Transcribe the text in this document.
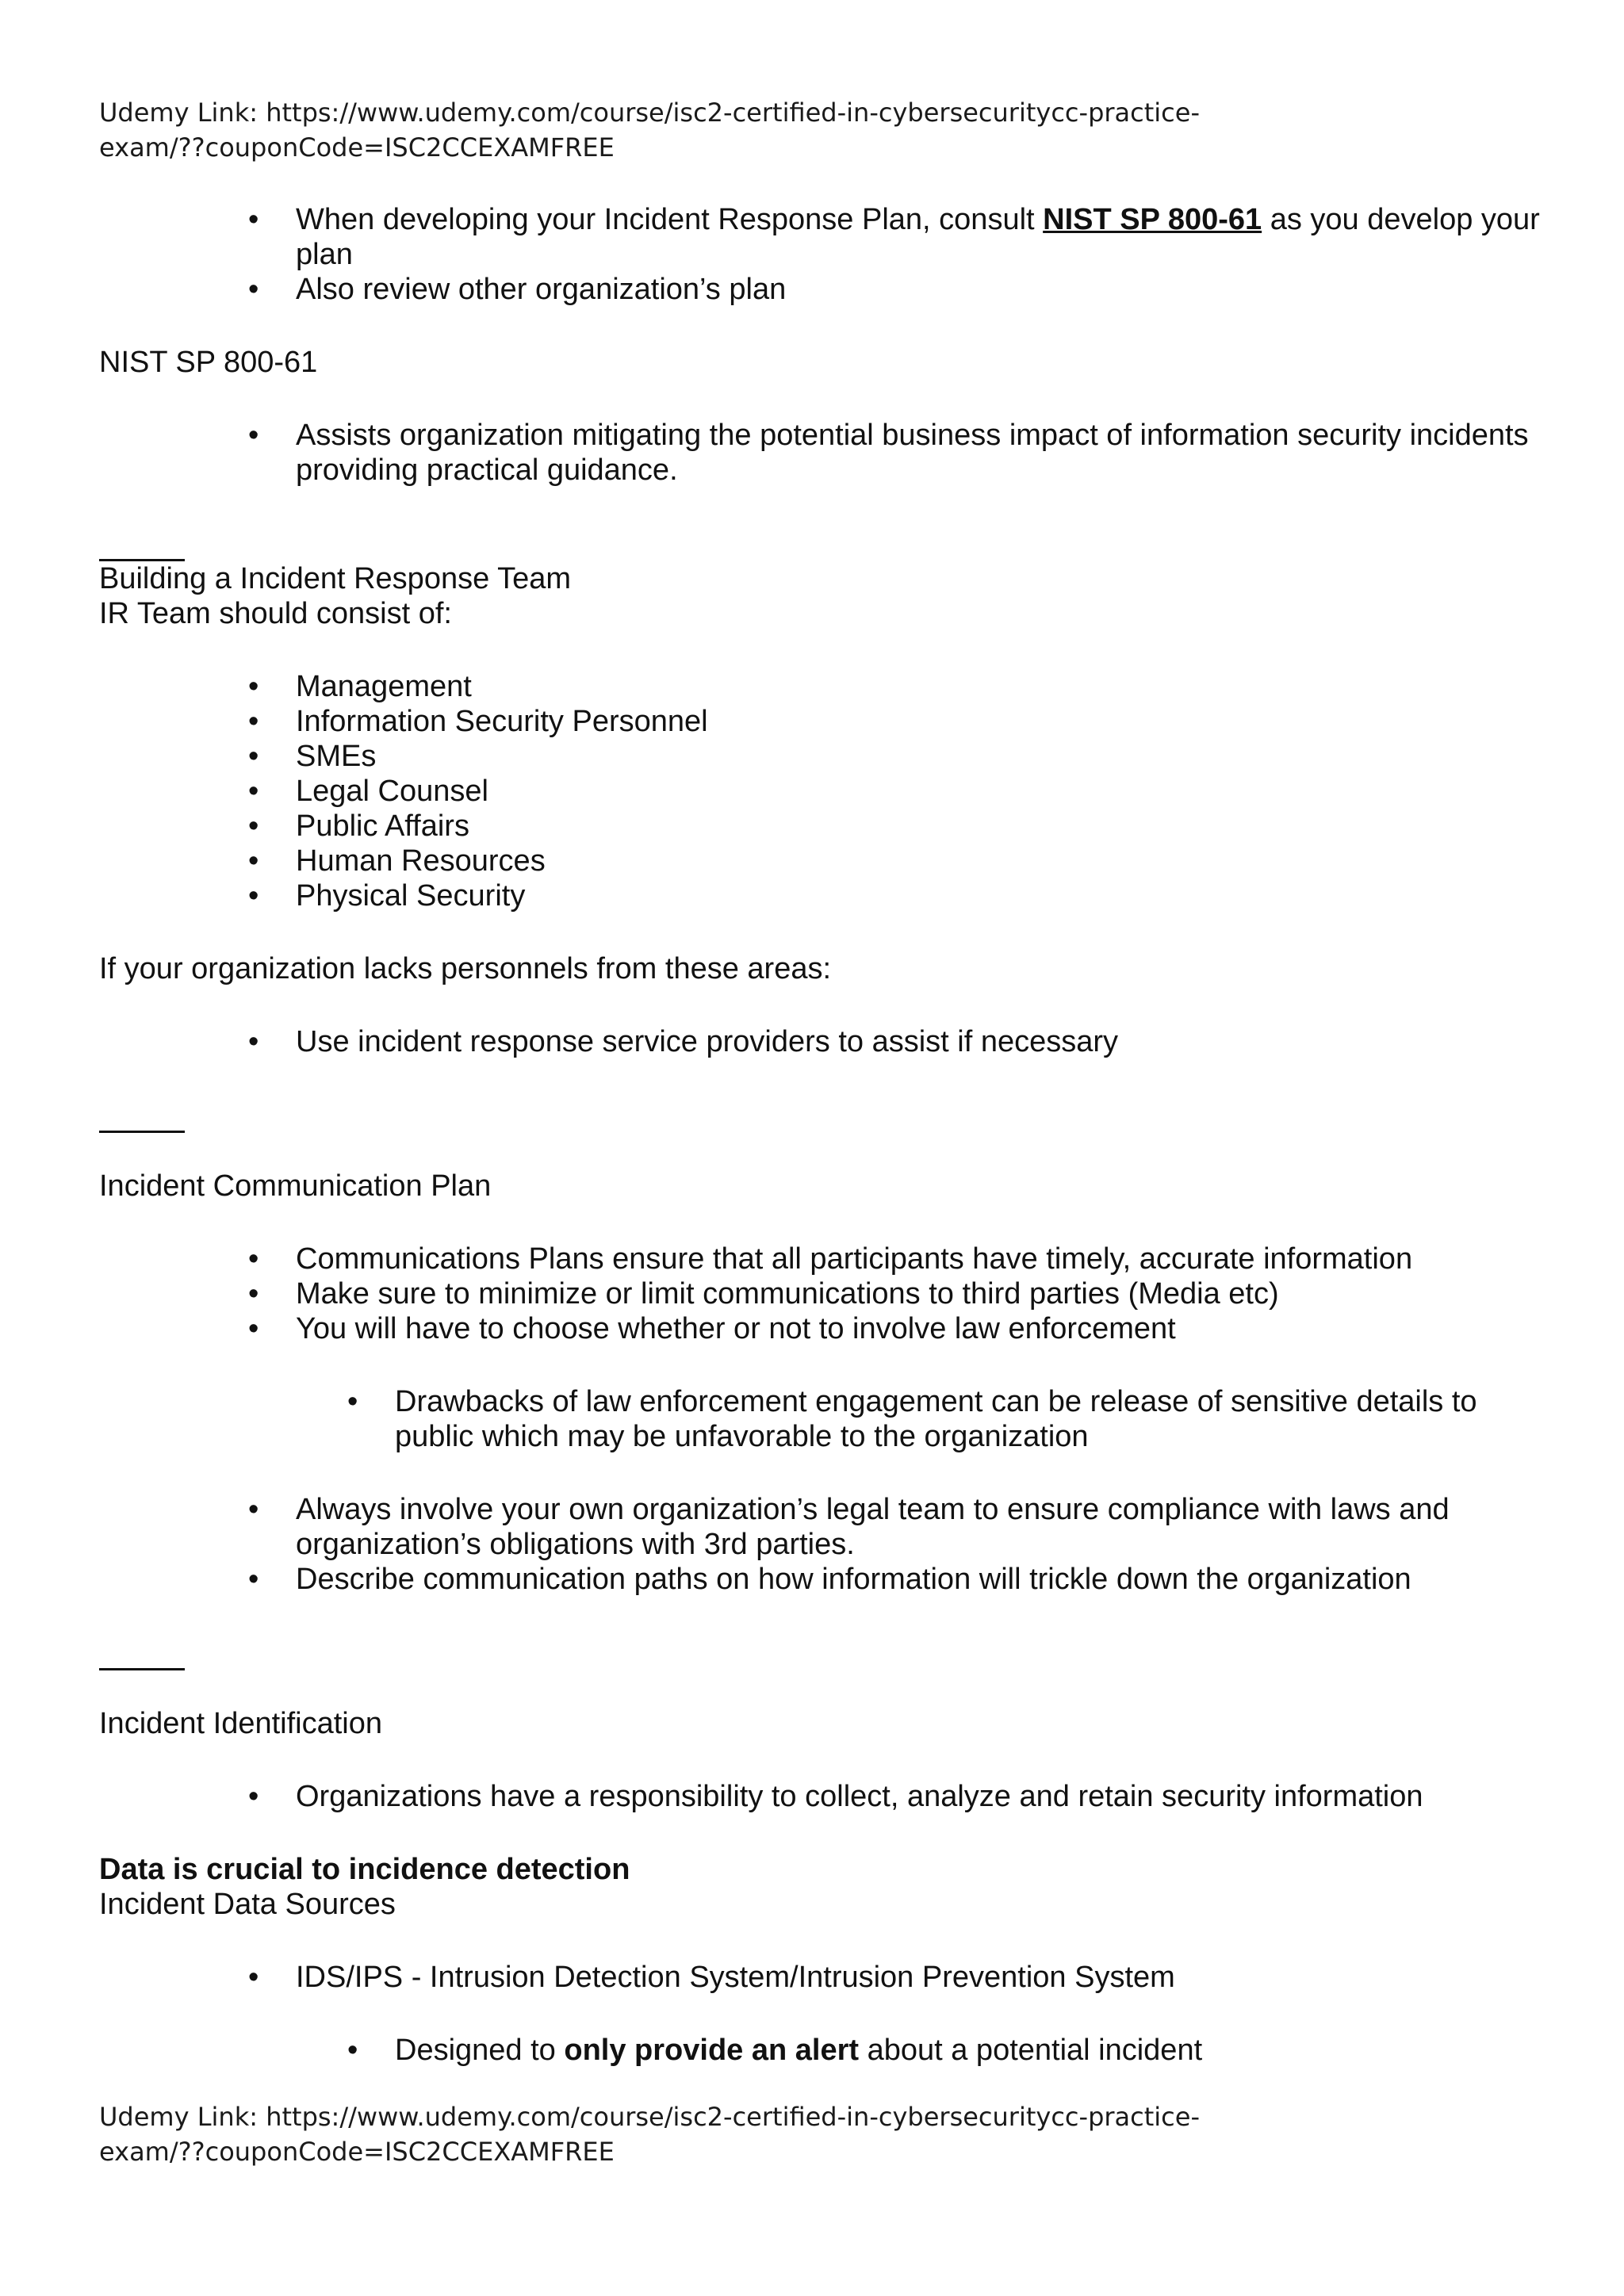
Udemy Link: https://www.udemy.com/course/isc2-certified-in-cybersecuritycc-practice-
exam/??couponCode=ISC2CCEXAMFREE
• When developing your Incident Response Plan, consult NIST SP 800-61 as you develop your plan
• Also review other organization’s plan

NIST SP 800-61

• Assists organization mitigating the potential business impact of information security incidents providing practical guidance.

Building a Incident Response Team

IR Team should consist of:

• Management
• Information Security Personnel
• SMEs
• Legal Counsel
• Public Affairs
• Human Resources
• Physical Security

If your organization lacks personnels from these areas:

• Use incident response service providers to assist if necessary

Incident Communication Plan

• Communications Plans ensure that all participants have timely, accurate information
• Make sure to minimize or limit communications to third parties (Media etc)
• You will have to choose whether or not to involve law enforcement
• Drawbacks of law enforcement engagement can be release of sensitive details to public which may be unfavorable to the organization
• Always involve your own organization’s legal team to ensure compliance with laws and organization’s obligations with 3rd parties.
• Describe communication paths on how information will trickle down the organization

Incident Identification

• Organizations have a responsibility to collect, analyze and retain security information

Data is crucial to incidence detection

Incident Data Sources

• IDS/IPS - Intrusion Detection System/Intrusion Prevention System
• Designed to only provide an alert about a potential incident
Udemy Link: https://www.udemy.com/course/isc2-certified-in-cybersecuritycc-practice-
exam/??couponCode=ISC2CCEXAMFREE
